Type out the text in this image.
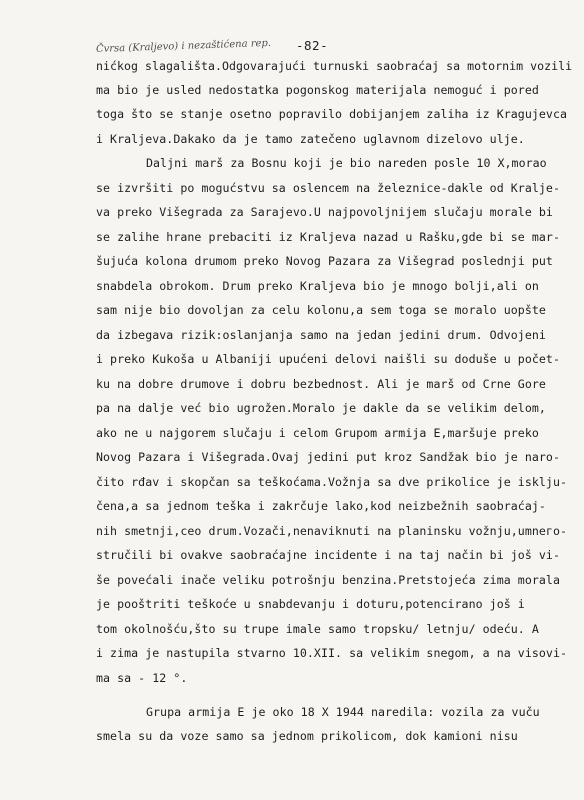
-82-
Čvrsa (Kraljevo) i nezaštićena rep.
nićkog slagališta.Odgovarajući turnuski saobraćaj sa motornim vozili
ma bio je usled nedostatka pogonskog materijala nemoguć i pored
toga što se stanje osetno popravilo dobijanjem zaliha iz Kragujevca
i Kraljeva.Dakako da je tamo zatečeno uglavnom dizelovo ulje.
Daljni marš za Bosnu koji je bio nareden posle 10 X,morao
se izvršiti po mogućstvu sa oslencem na železnice-dakle od Kralje-
va preko Višegrada za Sarajevo.U najpovoljnijem slučaju morale bi
se zalihe hrane prebaciti iz Kraljeva nazad u Rašku,gde bi se mar-
šujuća kolona drumom preko Novog Pazara za Višegrad poslednji put
snabdela obrokom. Drum preko Kraljeva bio je mnogo bolji,ali on
sam nije bio dovoljan za celu kolonu,a sem toga se moralo uopšte
da izbegava rizik:oslanjanja samo na jedan jedini drum. Odvojeni
i preko Kukoša u Albaniji upućeni delovi naišli su doduše u počet-
ku na dobre drumove i dobru bezbednost. Ali je marš od Crne Gore
pa na dalje već bio ugrožen.Moralo je dakle da se velikim delom,
ako ne u najgorem slučaju i celom Grupom armija E,maršuje preko
Novog Pazara i Višegrada.Ovaj jedini put kroz Sandžak bio je naro-
čito rđav i skopčan sa teškoćama.Vožnja sa dve prikolice je isklju-
čena,a sa jednom teška i zakrčuje lako,kod neizbežnih saobraćaj-
nih smetnji,ceo drum.Vozači,nenaviknuti na planinsku vožnju,umneго-
stručili bi ovakve saobraćajne incidente i na taj način bi još vi-
še povećali inače veliku potrošnju benzina.Pretstojeća zima morala
je pooštriti teškoće u snabdevanju i doturu,potencirano još i
tom okolnošću,što su trupe imale samo tropsku/ letnju/ odeću. A
i zima je nastupila stvarno 10.XII. sa velikim snegom, a na visovi-
ma sa - 12 °.
Grupa armija E je oko 18 X 1944 naredila: vozila za vuču
smela su da voze samo sa jednom prikolicom, dok kamioni nisu
